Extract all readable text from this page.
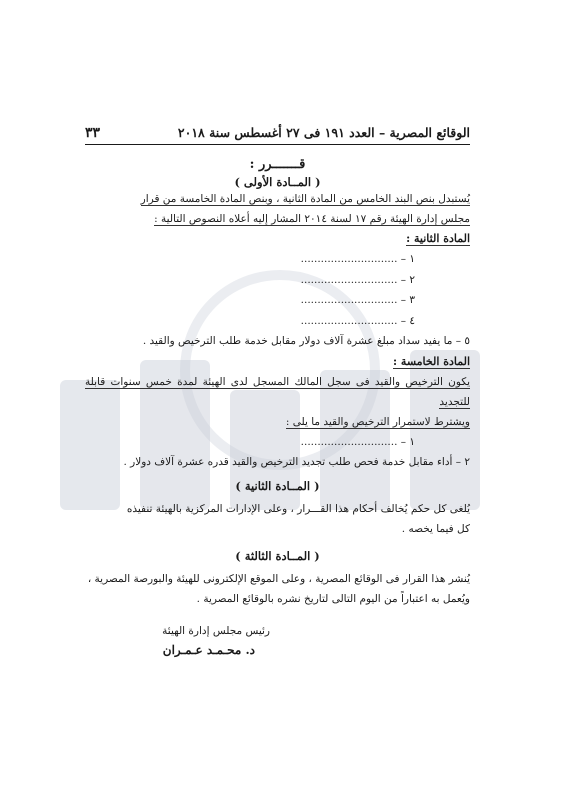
الوقائع المصرية – العدد ١٩١ فى ٢٧ أغسطس سنة ٢٠١٨
٣٣
قـــــــرر :
( المــادة الأولى )

يُستبدل بنص البند الخامس من المادة الثانية ، وبنص المادة الخامسة من قرار

مجلس إدارة الهيئة رقم ١٧ لسنة ٢٠١٤ المشار إليه أعلاه النصوص التالية :

المادة الثانية :
١ – .............................
٢ – .............................
٣ – .............................
٤ – .............................
٥ – ما يفيد سداد مبلغ عشرة آلاف دولار مقابل خدمة طلب الترخيص والقيد .
المادة الخامسة :

يكون الترخيص والقيد فى سجل المالك المسجل لدى الهيئة لمدة خمس سنوات قابلة للتجديد

ويشترط لاستمرار الترخيص والقيد ما يلى :

١ – .............................
٢ – أداء مقابل خدمة فحص طلب تجديد الترخيص والقيد قدره عشرة آلاف دولار .
( المــادة الثانية )

يُلغى كل حكم يُخالف أحكام هذا القـــرار ، وعلى الإدارات المركزية بالهيئة تنفيذه

كل فيما يخصه .

( المــادة الثالثة )

يُنشر هذا القرار فى الوقائع المصرية ، وعلى الموقع الإلكترونى للهيئة والبورصة المصرية ،

ويُعمل به اعتباراً من اليوم التالى لتاريخ نشره بالوقائع المصرية .

رئيس مجلس إدارة الهيئة
د. محـمـد عـمـران
